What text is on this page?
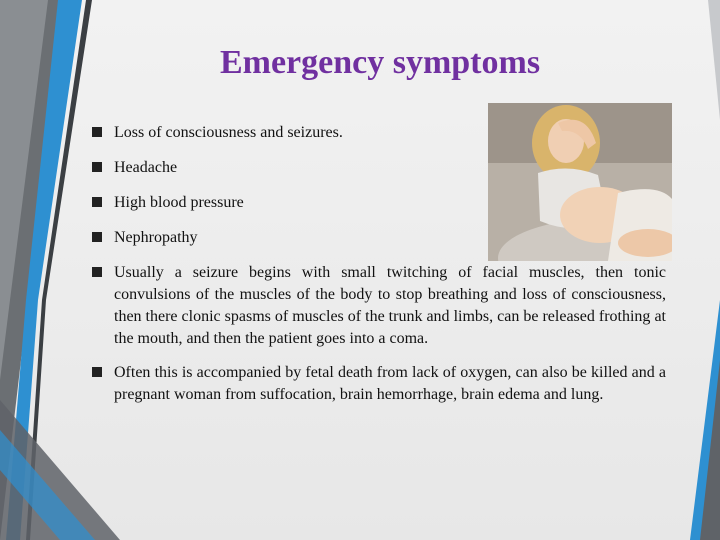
Emergency symptoms
Loss of consciousness and seizures.
Headache
High blood pressure
Nephropathy
Usually a seizure begins with small twitching of facial muscles, then tonic convulsions of the muscles of the body to stop breathing and loss of consciousness, then there clonic spasms of muscles of the trunk and limbs, can be released frothing at the mouth, and then the patient goes into a coma.
Often this is accompanied by fetal death from lack of oxygen, can also be killed and a pregnant woman from suffocation, brain hemorrhage, brain edema and lung.
